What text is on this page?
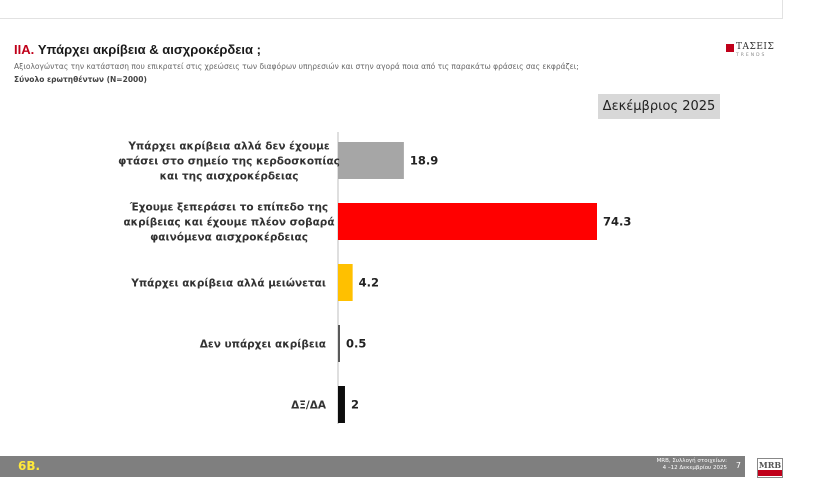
IIA. Υπάρχει ακρίβεια & αισχροκέρδεια ;
Αξιολογώντας την κατάσταση που επικρατεί στις χρεώσεις των διαφόρων υπηρεσιών και στην αγορά ποια από τις παρακάτω φράσεις σας εκφράζει;
Σύνολο ερωτηθέντων (N=2000)
ΤΑΣΕΙΣ
TRENDS
Δεκέμβριος 2025
18.9
Υπάρχει ακρίβεια αλλά δεν έχουμε
φτάσει στο σημείο της κερδοσκοπίας
και της αισχροκέρδειας
74.3
Έχουμε ξεπεράσει το επίπεδο της
ακρίβειας και έχουμε πλέον σοβαρά
φαινόμενα αισχροκέρδειας
4.2
Υπάρχει ακρίβεια αλλά μειώνεται
0.5
Δεν υπάρχει ακρίβεια
2
ΔΞ/ΔΑ
6B.	MRB, Συλλογή στοιχείων:
4 –12 Δεκεμβρίου 2025 7 MRB
